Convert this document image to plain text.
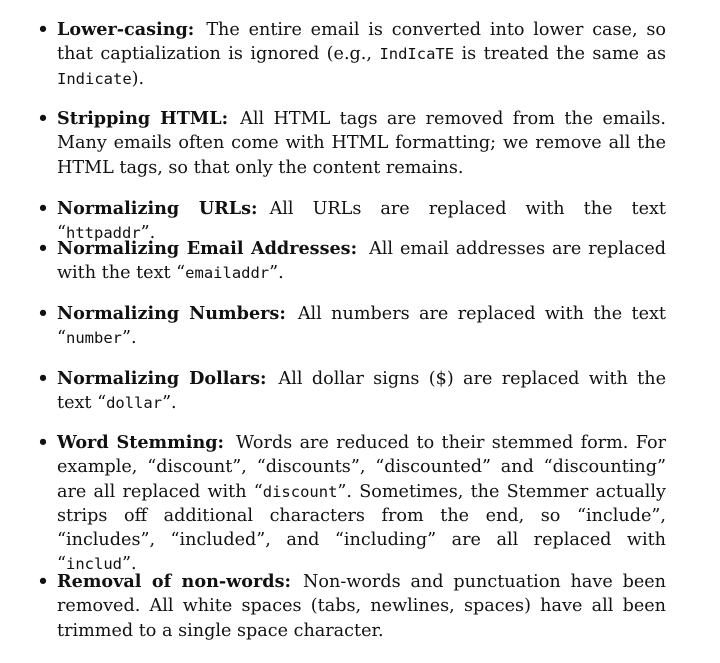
• Lower-casing: The entire email is converted into lower case, so that captialization is ignored (e.g., IndIcaTE is treated the same as Indicate).
• Stripping HTML: All HTML tags are removed from the emails. Many emails often come with HTML formatting; we remove all the HTML tags, so that only the content remains.
• Normalizing URLs: All URLs are replaced with the text “httpaddr”.
• Normalizing Email Addresses: All email addresses are replaced with the text “emailaddr”.
• Normalizing Numbers: All numbers are replaced with the text “number”.
• Normalizing Dollars: All dollar signs ($) are replaced with the text “dollar”.
• Word Stemming: Words are reduced to their stemmed form. For example, “discount”, “discounts”, “discounted” and “discounting” are all replaced with “discount”. Sometimes, the Stemmer actually strips off additional characters from the end, so “include”, “includes”, “included”, and “including” are all replaced with “includ”.
• Removal of non-words: Non-words and punctuation have been removed. All white spaces (tabs, newlines, spaces) have all been trimmed to a single space character.
